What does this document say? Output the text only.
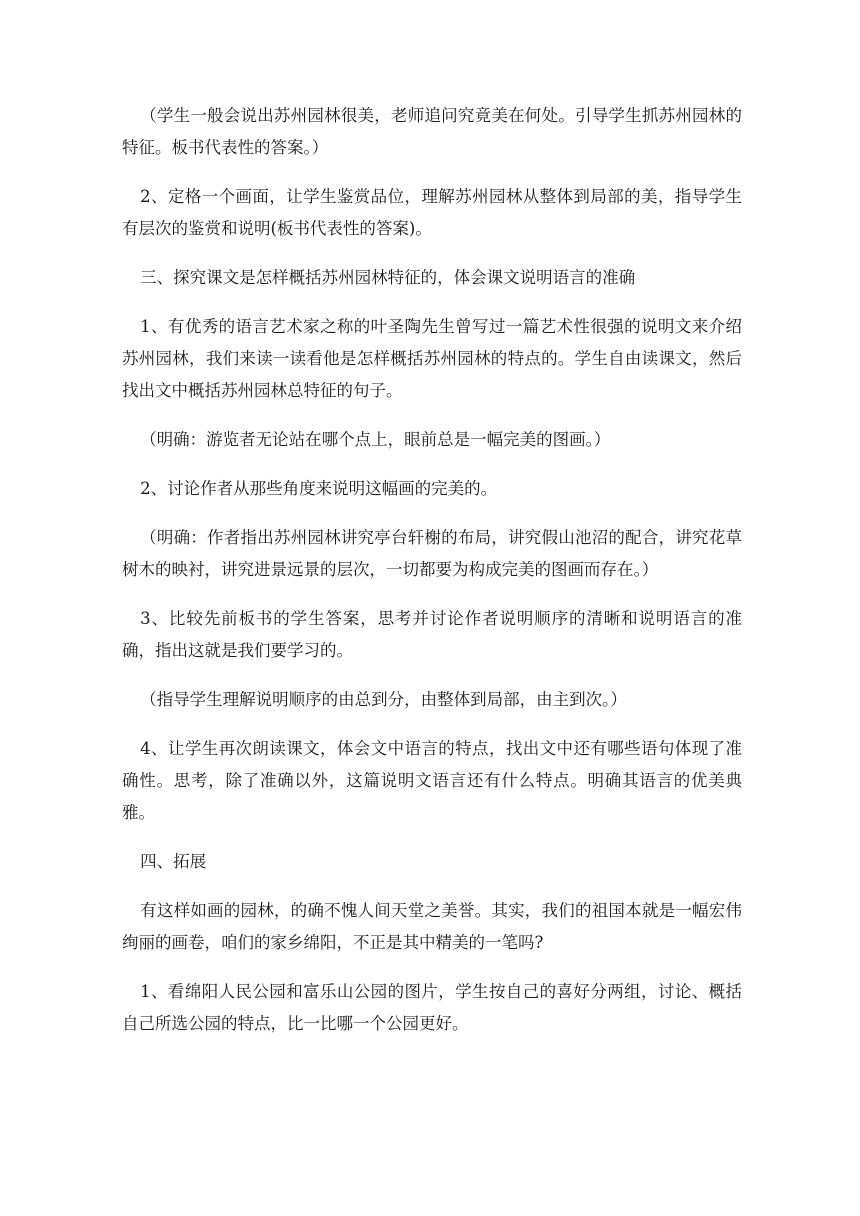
（学生一般会说出苏州园林很美，老师追问究竟美在何处。引导学生抓苏州园林的特征。板书代表性的答案。）

2、定格一个画面，让学生鉴赏品位，理解苏州园林从整体到局部的美，指导学生有层次的鉴赏和说明(板书代表性的答案)。

三、探究课文是怎样概括苏州园林特征的，体会课文说明语言的准确

1、有优秀的语言艺术家之称的叶圣陶先生曾写过一篇艺术性很强的说明文来介绍苏州园林，我们来读一读看他是怎样概括苏州园林的特点的。学生自由读课文，然后找出文中概括苏州园林总特征的句子。

（明确：游览者无论站在哪个点上，眼前总是一幅完美的图画。）

2、讨论作者从那些角度来说明这幅画的完美的。

（明确：作者指出苏州园林讲究亭台轩榭的布局，讲究假山池沼的配合，讲究花草树木的映衬，讲究进景远景的层次，一切都要为构成完美的图画而存在。）

3、比较先前板书的学生答案，思考并讨论作者说明顺序的清晰和说明语言的准确，指出这就是我们要学习的。

（指导学生理解说明顺序的由总到分，由整体到局部，由主到次。）

4、让学生再次朗读课文，体会文中语言的特点，找出文中还有哪些语句体现了准确性。思考，除了准确以外，这篇说明文语言还有什么特点。明确其语言的优美典雅。

四、拓展

有这样如画的园林，的确不愧人间天堂之美誉。其实，我们的祖国本就是一幅宏伟绚丽的画卷，咱们的家乡绵阳，不正是其中精美的一笔吗?

1、看绵阳人民公园和富乐山公园的图片，学生按自己的喜好分两组，讨论、概括自己所选公园的特点，比一比哪一个公园更好。
